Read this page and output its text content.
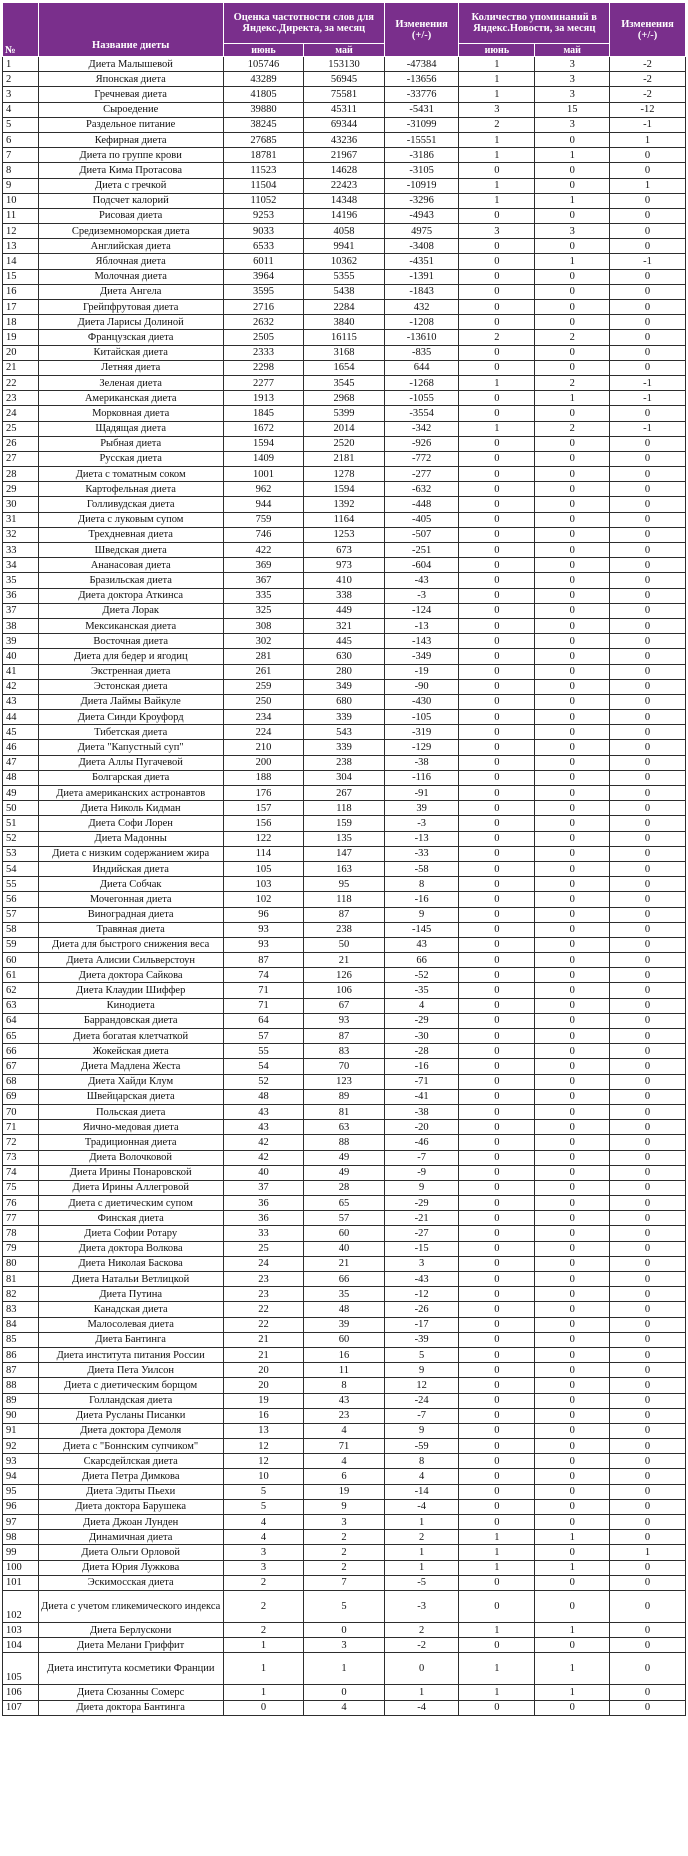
№	Название диеты	Оценка частотности слов для Яндекс.Директа, за месяц		Изменения (+/-)	Количество упоминаний в Яндекс.Новости, за месяц		Изменения (+/-)
		июнь	май		июнь	май	
1	Диета Малышевой	105746	153130	-47384	1	3	-2
2	Японская диета	43289	56945	-13656	1	3	-2
3	Гречневая диета	41805	75581	-33776	1	3	-2
4	Сыроедение	39880	45311	-5431	3	15	-12
5	Раздельное питание	38245	69344	-31099	2	3	-1
6	Кефирная диета	27685	43236	-15551	1	0	1
7	Диета по группе крови	18781	21967	-3186	1	1	0
8	Диета Кима Протасова	11523	14628	-3105	0	0	0
9	Диета с гречкой	11504	22423	-10919	1	0	1
10	Подсчет калорий	11052	14348	-3296	1	1	0
11	Рисовая диета	9253	14196	-4943	0	0	0
12	Средиземноморская диета	9033	4058	4975	3	3	0
13	Английская диета	6533	9941	-3408	0	0	0
14	Яблочная диета	6011	10362	-4351	0	1	-1
15	Молочная диета	3964	5355	-1391	0	0	0
16	Диета Ангела	3595	5438	-1843	0	0	0
17	Грейпфрутовая диета	2716	2284	432	0	0	0
18	Диета Ларисы Долиной	2632	3840	-1208	0	0	0
19	Французская диета	2505	16115	-13610	2	2	0
20	Китайская диета	2333	3168	-835	0	0	0
21	Летняя диета	2298	1654	644	0	0	0
22	Зеленая диета	2277	3545	-1268	1	2	-1
23	Американская диета	1913	2968	-1055	0	1	-1
24	Морковная диета	1845	5399	-3554	0	0	0
25	Щадящая диета	1672	2014	-342	1	2	-1
26	Рыбная диета	1594	2520	-926	0	0	0
27	Русская диета	1409	2181	-772	0	0	0
28	Диета с томатным соком	1001	1278	-277	0	0	0
29	Картофельная диета	962	1594	-632	0	0	0
30	Голливудская диета	944	1392	-448	0	0	0
31	Диета с луковым супом	759	1164	-405	0	0	0
32	Трехдневная диета	746	1253	-507	0	0	0
33	Шведская диета	422	673	-251	0	0	0
34	Ананасовая диета	369	973	-604	0	0	0
35	Бразильская диета	367	410	-43	0	0	0
36	Диета доктора Аткинса	335	338	-3	0	0	0
37	Диета Лорак	325	449	-124	0	0	0
38	Мексиканская диета	308	321	-13	0	0	0
39	Восточная диета	302	445	-143	0	0	0
40	Диета для бедер и ягодиц	281	630	-349	0	0	0
41	Экстренная диета	261	280	-19	0	0	0
42	Эстонская диета	259	349	-90	0	0	0
43	Диета Лаймы Вайкуле	250	680	-430	0	0	0
44	Диета Синди Кроуфорд	234	339	-105	0	0	0
45	Тибетская диета	224	543	-319	0	0	0
46	Диета "Капустный суп"	210	339	-129	0	0	0
47	Диета Аллы Пугачевой	200	238	-38	0	0	0
48	Болгарская диета	188	304	-116	0	0	0
49	Диета американских астронавтов	176	267	-91	0	0	0
50	Диета Николь Кидман	157	118	39	0	0	0
51	Диета Софи Лорен	156	159	-3	0	0	0
52	Диета Мадонны	122	135	-13	0	0	0
53	Диета с низким содержанием жира	114	147	-33	0	0	0
54	Индийская диета	105	163	-58	0	0	0
55	Диета Собчак	103	95	8	0	0	0
56	Мочегонная диета	102	118	-16	0	0	0
57	Виноградная диета	96	87	9	0	0	0
58	Травяная диета	93	238	-145	0	0	0
59	Диета для быстрого снижения веса	93	50	43	0	0	0
60	Диета Алисии Сильверстоун	87	21	66	0	0	0
61	Диета доктора Сайкова	74	126	-52	0	0	0
62	Диета Клаудии Шиффер	71	106	-35	0	0	0
63	Кинодиета	71	67	4	0	0	0
64	Баррандовская диета	64	93	-29	0	0	0
65	Диета богатая клетчаткой	57	87	-30	0	0	0
66	Жокейская диета	55	83	-28	0	0	0
67	Диета Мадлена Жеста	54	70	-16	0	0	0
68	Диета Хайди Клум	52	123	-71	0	0	0
69	Швейцарская диета	48	89	-41	0	0	0
70	Польская диета	43	81	-38	0	0	0
71	Яично-медовая диета	43	63	-20	0	0	0
72	Традиционная диета	42	88	-46	0	0	0
73	Диета Волочковой	42	49	-7	0	0	0
74	Диета Ирины Понаровской	40	49	-9	0	0	0
75	Диета Ирины Аллегровой	37	28	9	0	0	0
76	Диета с диетическим супом	36	65	-29	0	0	0
77	Финская диета	36	57	-21	0	0	0
78	Диета Софии Ротару	33	60	-27	0	0	0
79	Диета доктора Волкова	25	40	-15	0	0	0
80	Диета Николая Баскова	24	21	3	0	0	0
81	Диета Натальи Ветлицкой	23	66	-43	0	0	0
82	Диета Путина	23	35	-12	0	0	0
83	Канадская диета	22	48	-26	0	0	0
84	Малосолевая диета	22	39	-17	0	0	0
85	Диета Бантинга	21	60	-39	0	0	0
86	Диета института питания России	21	16	5	0	0	0
87	Диета Пета Уилсон	20	11	9	0	0	0
88	Диета с диетическим борщом	20	8	12	0	0	0
89	Голландская диета	19	43	-24	0	0	0
90	Диета Русланы Писанки	16	23	-7	0	0	0
91	Диета доктора Демоля	13	4	9	0	0	0
92	Диета с "Боннским супчиком"	12	71	-59	0	0	0
93	Скарсдейлская диета	12	4	8	0	0	0
94	Диета Петра Димкова	10	6	4	0	0	0
95	Диета Эдиты Пьехи	5	19	-14	0	0	0
96	Диета доктора Барушека	5	9	-4	0	0	0
97	Диета Джоан Лунден	4	3	1	0	0	0
98	Динамичная диета	4	2	2	1	1	0
99	Диета Ольги Орловой	3	2	1	1	0	1
100	Диета Юрия Лужкова	3	2	1	1	1	0
101	Эскимосская диета	2	7	-5	0	0	0
102	Диета с учетом гликемического индекса	2	5	-3	0	0	0
103	Диета Берлускони	2	0	2	1	1	0
104	Диета Мелани Гриффит	1	3	-2	0	0	0
105	Диета института косметики Франции	1	1	0	1	1	0
106	Диета Сюзанны Сомерс	1	0	1	1	1	0
107	Диета доктора Бантинга	0	4	-4	0	0	0
